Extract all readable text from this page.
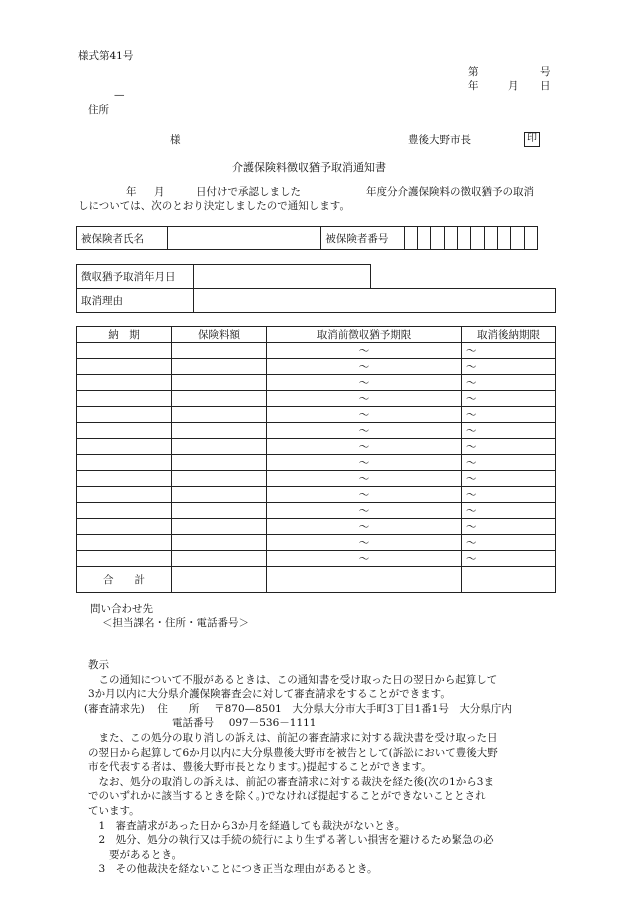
様式第41号
第	号
年	月 日
—
住所
様	豊後大野市長	印
介護保険料徴収猶予取消通知書
年 月	日付けで承認しました	年度分介護保険料の徴収猶予の取消
しについては、次のとおり決定しましたので通知します。
被保険者氏名		被保険者番号										
徴収猶予取消年月日		
取消理由		
納　期	保険料額	取消前徴収猶予期限	取消後納期限
		～	～
		～	～
		～	～
		～	～
		～	～
		～	～
		～	～
		～	～
		～	～
		～	～
		～	～
		～	～
		～	～
		～	～
合　　計			
問い合わせ先
＜担当課名・住所・電話番号＞

教示

　この通知について不服があるときは、この通知書を受け取った日の翌日から起算して

3か月以内に大分県介護保険審査会に対して審査請求をすることができます。

(審査請求先) 住　　所 〒870—8501　大分県大分市大手町3丁目1番1号　大分県庁内
電話番号 097－536－1111

　また、この処分の取り消しの訴えは、前記の審査請求に対する裁決書を受け取った日

の翌日から起算して6か月以内に大分県豊後大野市を被告として(訴訟において豊後大野

市を代表する者は、豊後大野市長となります。)提起することができます。

　なお、処分の取消しの訴えは、前記の審査請求に対する裁決を経た後(次の1から3ま

でのいずれかに該当するときを除く。)でなければ提起することができないこととされ

ています。

　1　審査請求があった日から3か月を経過しても裁決がないとき。

　2　処分、処分の執行又は手続の続行により生ずる著しい損害を避けるため緊急の必

　　要があるとき。

　3　その他裁決を経ないことにつき正当な理由があるとき。
